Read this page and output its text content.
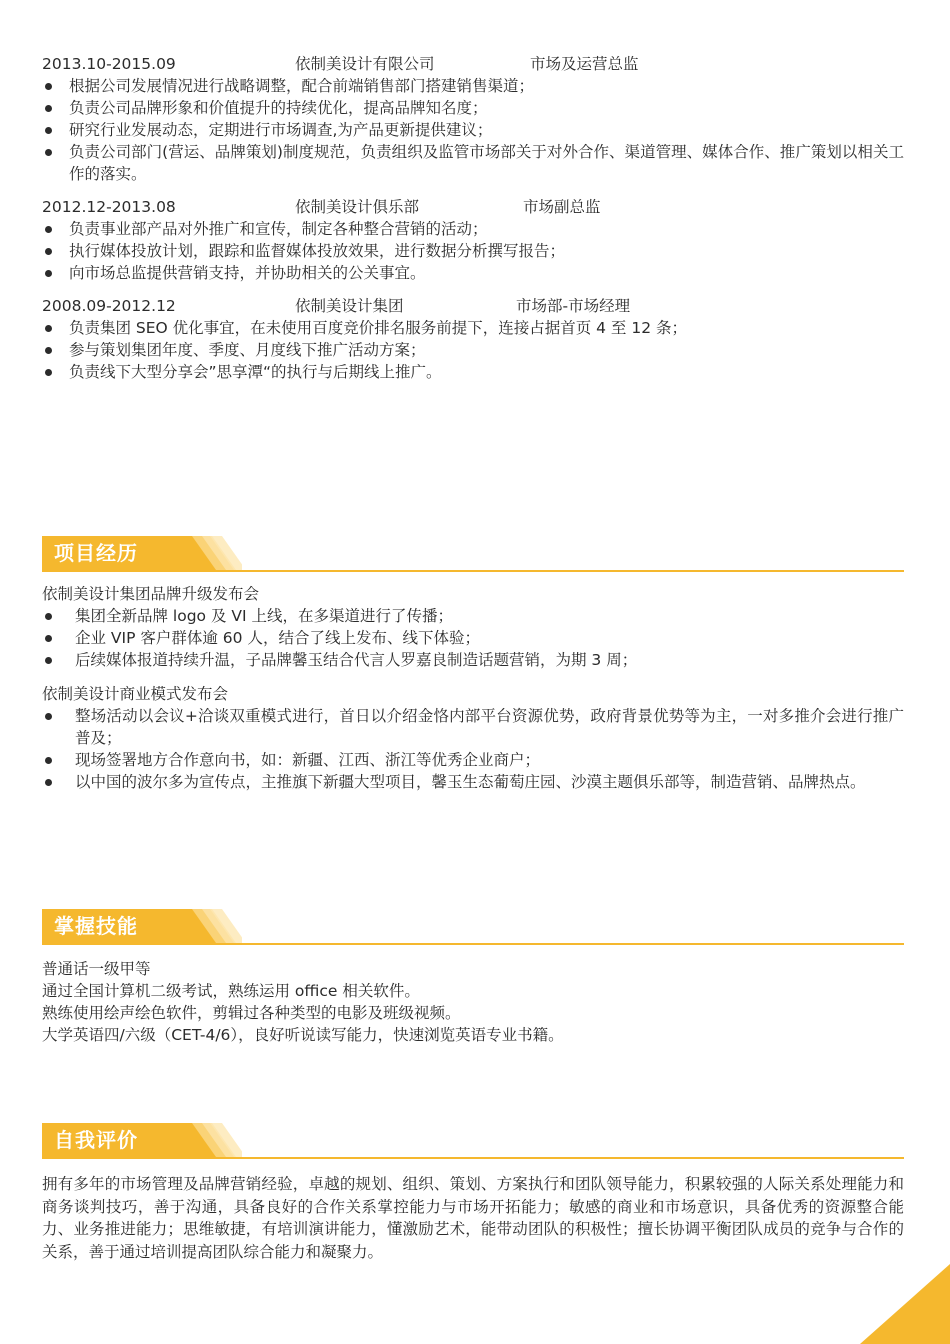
2013.10-2015.09	依制美设计有限公司	市场及运营总监
根据公司发展情况进行战略调整，配合前端销售部门搭建销售渠道；
负责公司品牌形象和价值提升的持续优化，提高品牌知名度；
研究行业发展动态，定期进行市场调查,为产品更新提供建议；
负责公司部门(营运、品牌策划)制度规范，负责组织及监管市场部关于对外合作、渠道管理、媒体合作、推广策划以相关工作的落实。
2012.12-2013.08	依制美设计俱乐部	市场副总监
负责事业部产品对外推广和宣传，制定各种整合营销的活动；
执行媒体投放计划，跟踪和监督媒体投放效果，进行数据分析撰写报告；
向市场总监提供营销支持，并协助相关的公关事宜。
2008.09-2012.12	依制美设计集团	市场部-市场经理
负责集团 SEO 优化事宜，在未使用百度竞价排名服务前提下，连接占据首页 4 至 12 条；
参与策划集团年度、季度、月度线下推广活动方案；
负责线下大型分享会”思享潭“的执行与后期线上推广。
项目经历
依制美设计集团品牌升级发布会
集团全新品牌 logo 及 VI 上线，在多渠道进行了传播；
企业 VIP 客户群体逾 60 人，结合了线上发布、线下体验；
后续媒体报道持续升温，子品牌馨玉结合代言人罗嘉良制造话题营销，为期 3 周；
依制美设计商业模式发布会
整场活动以会议+洽谈双重模式进行，首日以介绍金恪内部平台资源优势，政府背景优势等为主，一对多推介会进行推广普及；
现场签署地方合作意向书，如：新疆、江西、浙江等优秀企业商户；
以中国的波尔多为宣传点，主推旗下新疆大型项目，馨玉生态葡萄庄园、沙漠主题俱乐部等，制造营销、品牌热点。
掌握技能
普通话一级甲等
通过全国计算机二级考试，熟练运用 office 相关软件。
熟练使用绘声绘色软件，剪辑过各种类型的电影及班级视频。
大学英语四/六级（CET-4/6），良好听说读写能力，快速浏览英语专业书籍。
自我评价
拥有多年的市场管理及品牌营销经验，卓越的规划、组织、策划、方案执行和团队领导能力，积累较强的人际关系处理能力和商务谈判技巧，善于沟通，具备良好的合作关系掌控能力与市场开拓能力；敏感的商业和市场意识，具备优秀的资源整合能力、业务推进能力；思维敏捷，有培训演讲能力，懂激励艺术，能带动团队的积极性；擅长协调平衡团队成员的竞争与合作的关系，善于通过培训提高团队综合能力和凝聚力。
